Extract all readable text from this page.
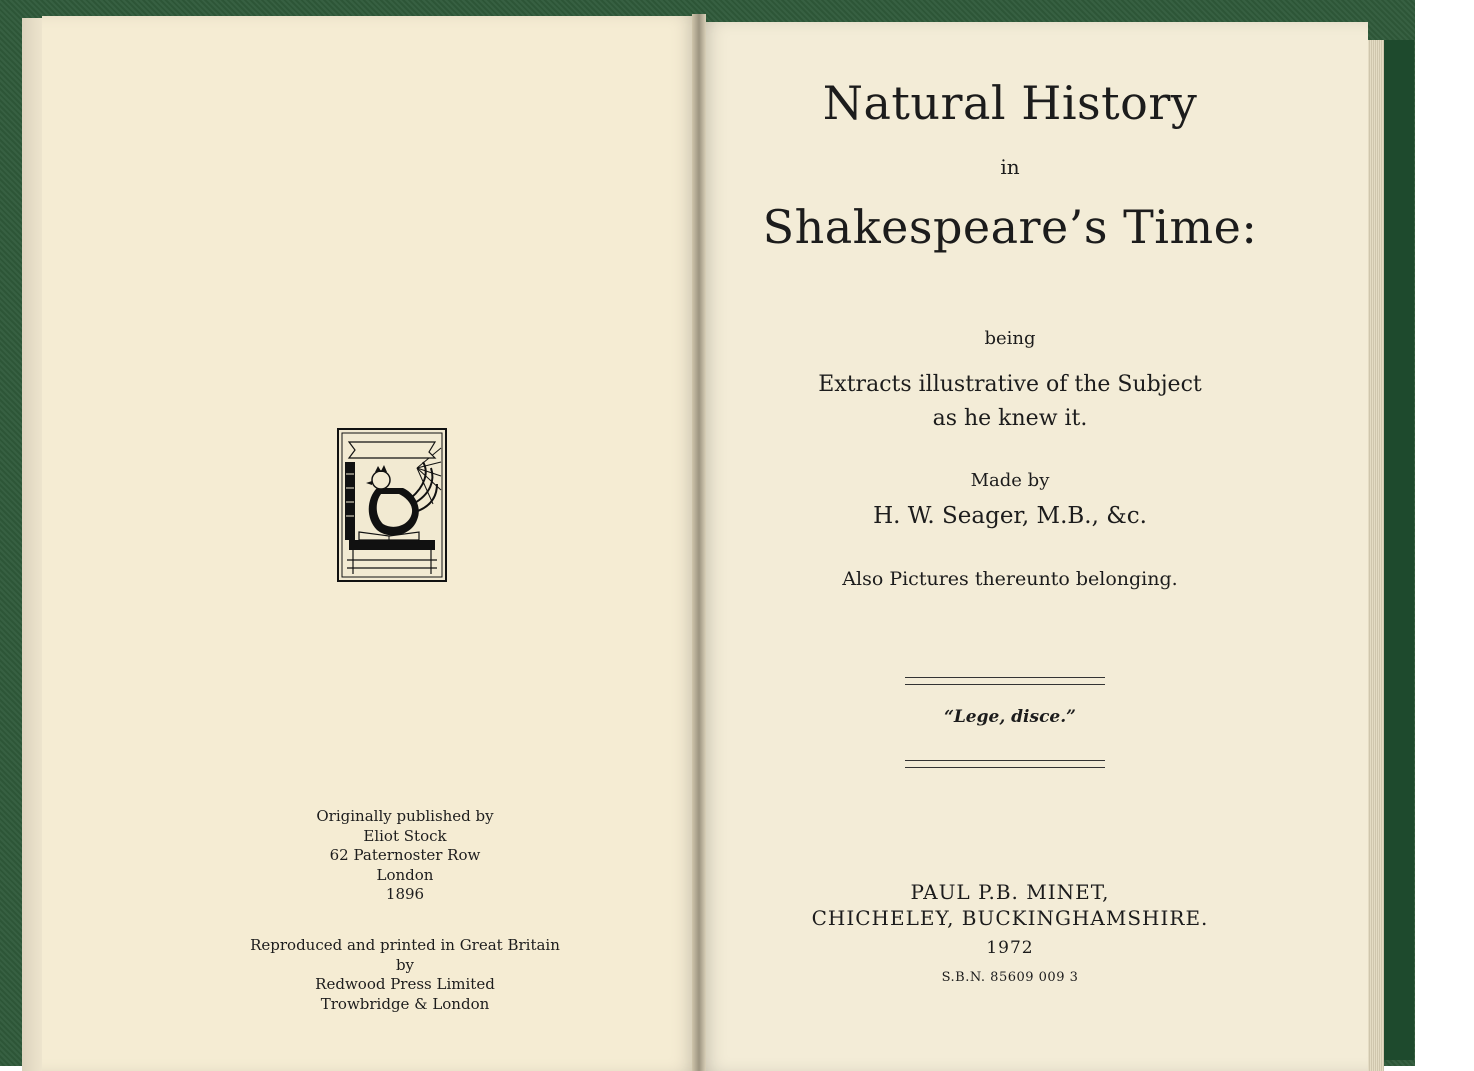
Originally published by
Eliot Stock
62 Paternoster Row
London
1896
Reproduced and printed in Great Britain by
Redwood Press Limited
Trowbridge & London
Natural History
in
Shakespeare’s Time:
being
Extracts illustrative of the Subject
as he knew it.
Made by
H. W. Seager, M.B., &c.
Also Pictures thereunto belonging.
“Lege, disce.”
PAUL P.B. MINET,
CHICHELEY, BUCKINGHAMSHIRE.
1972
S.B.N. 85609 009 3
